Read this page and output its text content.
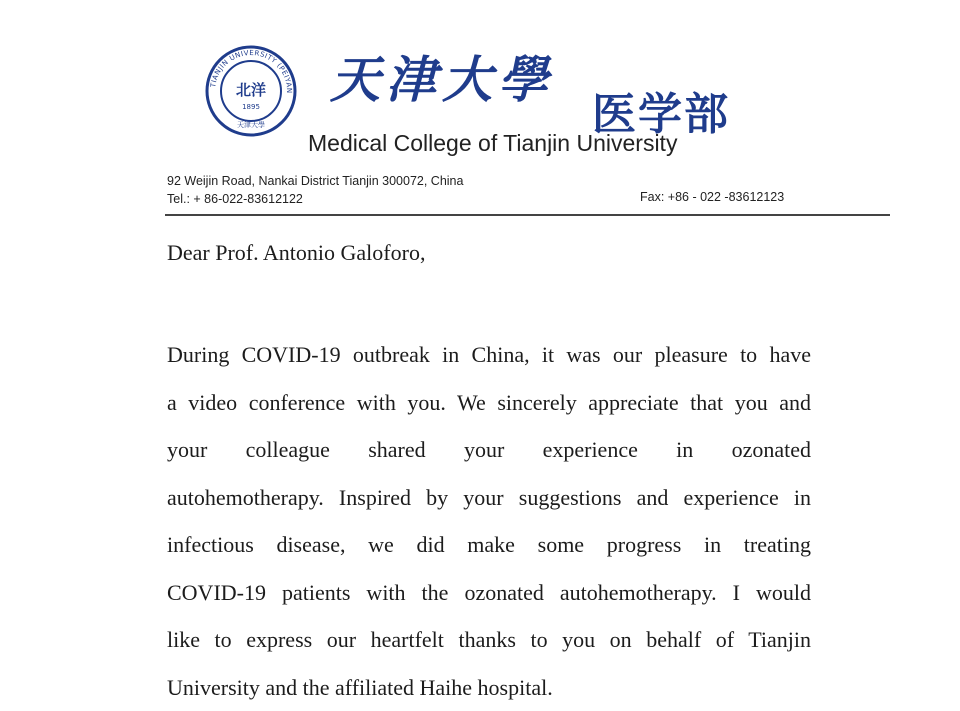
TIANJIN UNIVERSITY (PEIYAN
北洋
1895
天津大學
天津大學
医学部
Medical College of Tianjin University
92 Weijin Road, Nankai District Tianjin 300072, China
Tel.: + 86-022-83612122	Fax: +86 - 022 -83612123
Dear Prof. Antonio Galoforo,
During COVID-19 outbreak in China, it was our pleasure to have
a video conference with you. We sincerely appreciate that you and
your colleague shared your experience in ozonated
autohemotherapy. Inspired by your suggestions and experience in
infectious disease, we did make some progress in treating
COVID-19 patients with the ozonated autohemotherapy. I would
like to express our heartfelt thanks to you on behalf of Tianjin
University and the affiliated Haihe hospital.
